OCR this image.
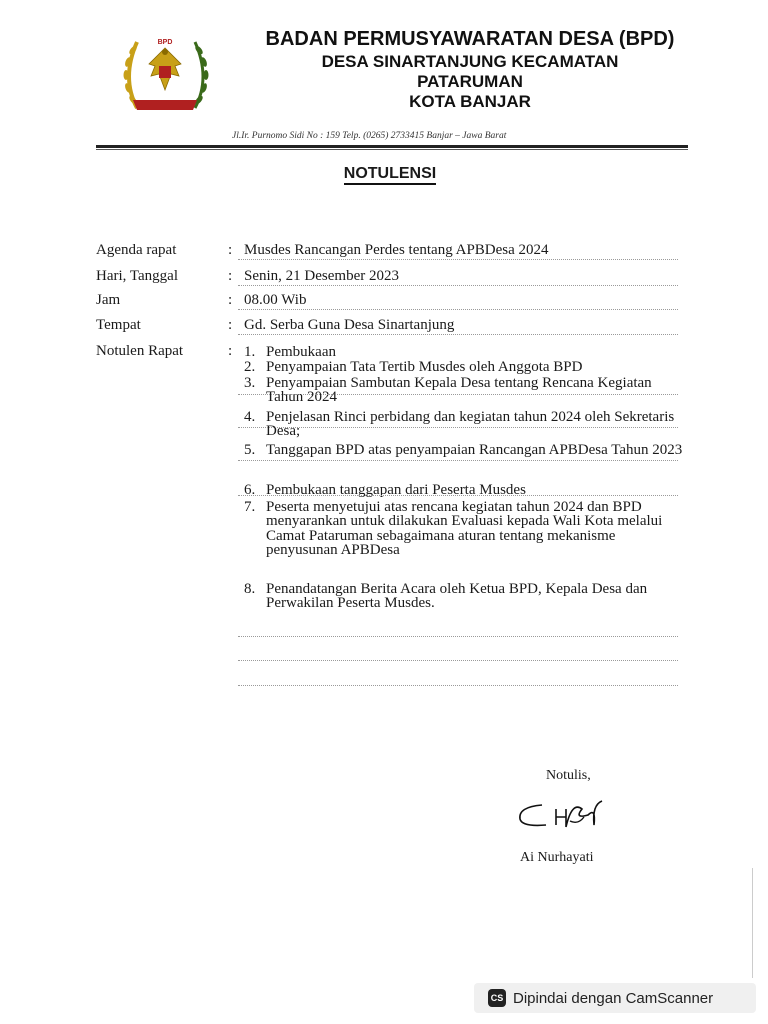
BPD	BADAN PERMUSYAWARATAN DESA (BPD)
DESA SINARTANJUNG KECAMATAN
PATARUMAN
KOTA BANJAR
Jl.Ir. Purnomo Sidi No : 159 Telp. (0265) 2733415 Banjar – Jawa Barat
NOTULENSI
Agenda rapat	: Musdes Rancangan Perdes tentang APBDesa 2024
Hari, Tanggal	: Senin, 21 Desember 2023
Jam	: 08.00 Wib
Tempat	: Gd. Serba Guna Desa Sinartanjung
Notulen Rapat	: 1. Pembukaan
2. Penyampaian Tata Tertib Musdes oleh Anggota BPD
3. Penyampaian Sambutan Kepala Desa tentang Rencana Kegiatan Tahun 2024
4. Penjelasan Rinci perbidang dan kegiatan tahun 2024 oleh Sekretaris Desa;
5. Tanggapan BPD atas penyampaian Rancangan APBDesa Tahun 2023
6. Pembukaan tanggapan dari Peserta Musdes
7. Peserta menyetujui atas rencana kegiatan tahun 2024 dan BPD menyarankan untuk dilakukan Evaluasi kepada Wali Kota melalui Camat Pataruman sebagaimana aturan tentang mekanisme penyusunan APBDesa
8. Penandatangan Berita Acara oleh Ketua BPD, Kepala Desa dan Perwakilan Peserta Musdes.
Notulis,
Ai Nurhayati
CS Dipindai dengan CamScanner
